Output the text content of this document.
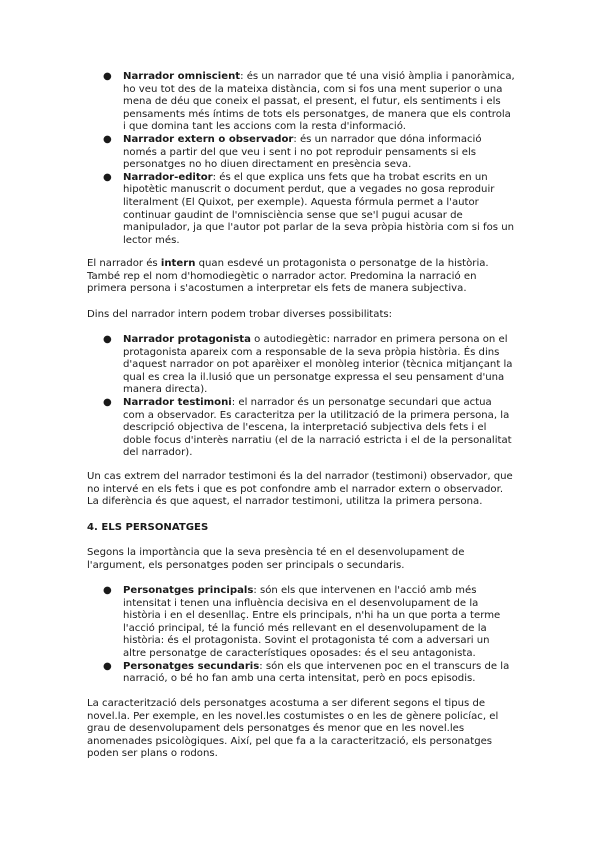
● Narrador omniscient: és un narrador que té una visió àmplia i panoràmica, ho veu tot des de la mateixa distància, com si fos una ment superior o una mena de déu que coneix el passat, el present, el futur, els sentiments i els pensaments més íntims de tots els personatges, de manera que els controla i que domina tant les accions com la resta d'informació.
● Narrador extern o observador: és un narrador que dóna informació només a partir del que veu i sent i no pot reproduir pensaments si els personatges no ho diuen directament en presència seva.
● Narrador-editor: és el que explica uns fets que ha trobat escrits en un hipotètic manuscrit o document perdut, que a vegades no gosa reproduir literalment (El Quixot, per exemple). Aquesta fórmula permet a l'autor continuar gaudint de l'omnisciència sense que se'l pugui acusar de manipulador, ja que l'autor pot parlar de la seva pròpia història com si fos un lector més.

El narrador és intern quan esdevé un protagonista o personatge de la història. També rep el nom d'homodiegètic o narrador actor. Predomina la narració en primera persona i s'acostumen a interpretar els fets de manera subjectiva.

Dins del narrador intern podem trobar diverses possibilitats:

● Narrador protagonista o autodiegètic: narrador en primera persona on el protagonista apareix com a responsable de la seva pròpia història. És dins d'aquest narrador on pot aparèixer el monòleg interior (tècnica mitjançant la qual es crea la il.lusió que un personatge expressa el seu pensament d'una manera directa).
● Narrador testimoni: el narrador és un personatge secundari que actua com a observador. Es caracteritza per la utilització de la primera persona, la descripció objectiva de l'escena, la interpretació subjectiva dels fets i el doble focus d'interès narratiu (el de la narració estricta i el de la personalitat del narrador).

Un cas extrem del narrador testimoni és la del narrador (testimoni) observador, que no intervé en els fets i que es pot confondre amb el narrador extern o observador. La diferència és que aquest, el narrador testimoni, utilitza la primera persona.

4. ELS PERSONATGES

Segons la importància que la seva presència té en el desenvolupament de l'argument, els personatges poden ser principals o secundaris.

● Personatges principals: són els que intervenen en l'acció amb més intensitat i tenen una influència decisiva en el desenvolupament de la història i en el desenllaç. Entre els principals, n'hi ha un que porta a terme l'acció principal, té la funció més rellevant en el desenvolupament de la història: és el protagonista. Sovint el protagonista té com a adversari un altre personatge de característiques oposades: és el seu antagonista.
● Personatges secundaris: són els que intervenen poc en el transcurs de la narració, o bé ho fan amb una certa intensitat, però en pocs episodis.

La caracterització dels personatges acostuma a ser diferent segons el tipus de novel.la. Per exemple, en les novel.les costumistes o en les de gènere policíac, el grau de desenvolupament dels personatges és menor que en les novel.les anomenades psicològiques. Així, pel que fa a la caracterització, els personatges poden ser plans o rodons.
